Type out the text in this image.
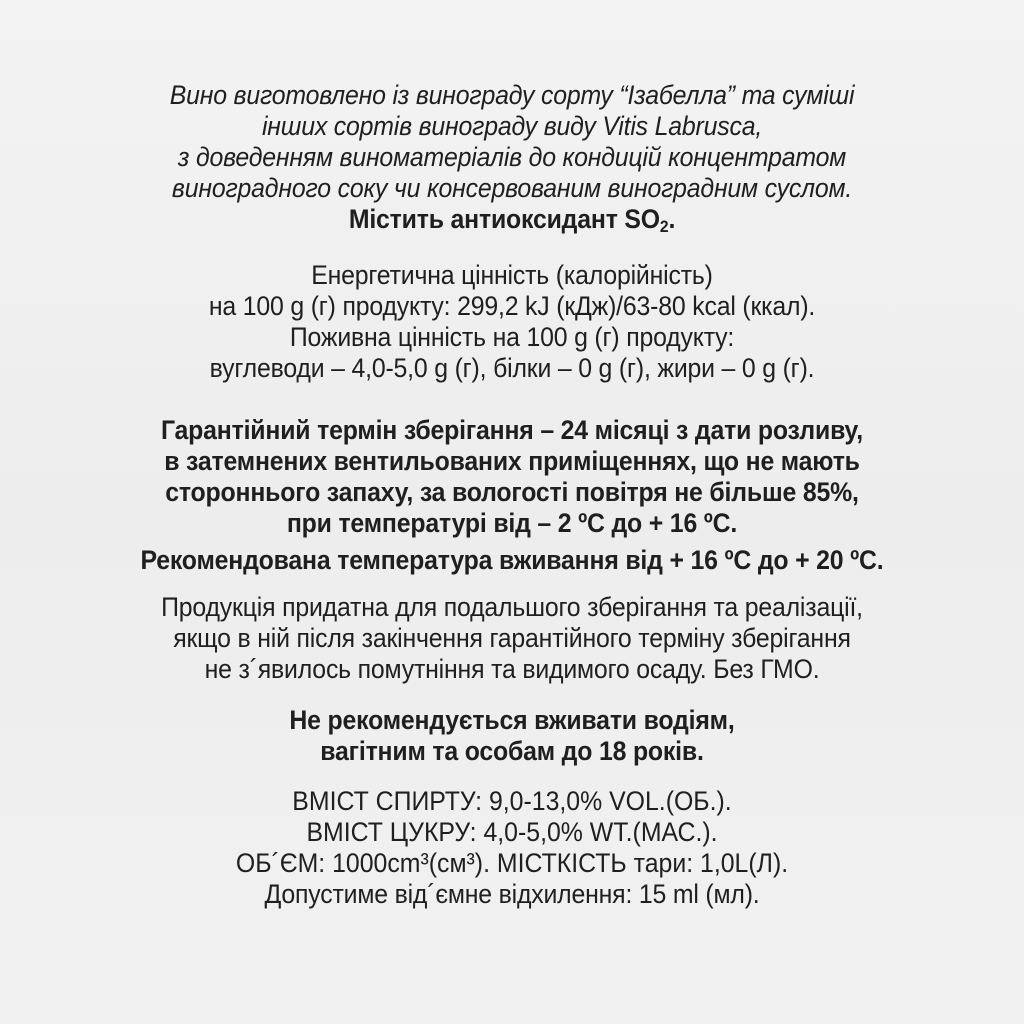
Вино виготовлено із винограду сорту “Ізабелла” та суміші
інших сортів винограду виду Vitis Labrusca,
з доведенням виноматеріалів до кондицій концентратом
виноградного соку чи консервованим виноградним суслом.
Містить антиоксидант $SO_2$.
Енергетична цінність (калорійність)
на 100 g (г) продукту: 299,2 kJ (кДж)/63-80 kcal (ккал).
Поживна цінність на 100 g (г) продукту:
вуглеводи – 4,0-5,0 g (г), білки – 0 g (г), жири – 0 g (г).
Гарантійний термін зберігання – 24 місяці з дати розливу,
в затемнених вентильованих приміщеннях, що не мають
стороннього запаху, за вологості повітря не більше 85%,
при температурі від – 2 ºС до + 16 ºС.
Рекомендована температура вживання від + 16 ºС до + 20 ºС.
Продукція придатна для подальшого зберігання та реалізації,
якщо в ній після закінчення гарантійного терміну зберігання
не з´явилось помутніння та видимого осаду. Без ГМО.
Не рекомендується вживати водіям,
вагітним та особам до 18 років.
ВМІСТ СПИРТУ: 9,0-13,0% VOL.(ОБ.).
ВМІСТ ЦУКРУ: 4,0-5,0% WT.(МАС.).
ОБ´ЄМ: 1000cm³(см³). МІСТКІСТЬ тари: 1,0L(Л).
Допустиме від´ємне відхилення: 15 ml (мл).
